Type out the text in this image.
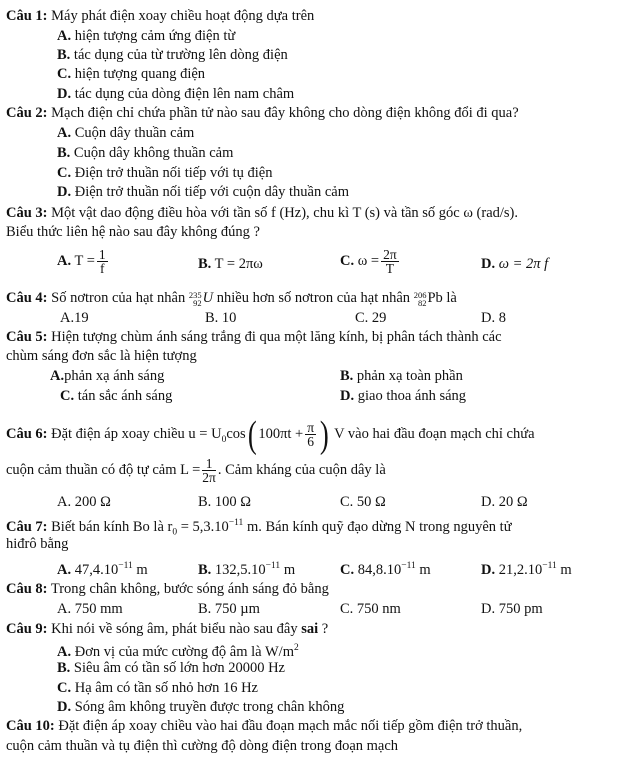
Câu 1: Máy phát điện xoay chiều hoạt động dựa trên
A. hiện tượng cảm ứng điện từ
B. tác dụng của từ trường lên dòng điện
C. hiện tượng quang điện
D. tác dụng của dòng điện lên nam châm
Câu 2: Mạch điện chỉ chứa phần tử nào sau đây không cho dòng điện không đổi đi qua?
A. Cuộn dây thuần cảm
B. Cuộn dây không thuần cảm
C. Điện trở thuần nối tiếp với tụ điện
D. Điện trở thuần nối tiếp với cuộn dây thuần cảm
Câu 3: Một vật dao động điều hòa với tần số f (Hz), chu kì T (s) và tần số góc ω (rad/s).
Biểu thức liên hệ nào sau đây không đúng ?
A. $T = \frac{1}{f}$	B. T = 2πω	C. $\omega = \frac{2\pi}{T}$	D. ω = 2π f
Câu 4: Số nơtron của hạt nhân 235
92 U nhiều hơn số nơtron của hạt nhân 206
82 Pb là
A.19	B. 10	C. 29	D. 8
Câu 5: Hiện tượng chùm ánh sáng trắng đi qua một lăng kính, bị phân tách thành các
chùm sáng đơn sắc là hiện tượng
A.phản xạ ánh sáng	B. phản xạ toàn phần
C. tán sắc ánh sáng	D. giao thoa ánh sáng
Câu 6: Đặt điện áp xoay chiều $u = U_0\cos$( $100\pi t + \frac{\pi}{6}$ ) V vào hai đầu đoạn mạch chỉ chứa
cuộn cảm thuần có độ tự cảm $L = \frac{1}{2\pi}$ . Cảm kháng của cuộn dây là
A. 200 Ω	B. 100 Ω	C. 50 Ω	D. 20 Ω
Câu 7: Biết bán kính Bo là $r_0 = 5,3.10^{-11}$ m. Bán kính quỹ đạo dừng N trong nguyên tử
hiđrô bằng
A. $47,4.10^{-11}$ m	B. $132,5.10^{-11}$ m	C. $84,8.10^{-11}$ m	D. $21,2.10^{-11}$ m
Câu 8: Trong chân không, bước sóng ánh sáng đỏ bằng
A. 750 mm	B. 750 µm	C. 750 nm	D. 750 pm
Câu 9: Khi nói về sóng âm, phát biểu nào sau đây sai ?
A. Đơn vị của mức cường độ âm là $W/m^2$
B. Siêu âm có tần số lớn hơn 20000 Hz
C. Hạ âm có tần số nhỏ hơn 16 Hz
D. Sóng âm không truyền được trong chân không
Câu 10: Đặt điện áp xoay chiều vào hai đầu đoạn mạch mắc nối tiếp gồm điện trở thuần,
cuộn cảm thuần và tụ điện thì cường độ dòng điện trong đoạn mạch
